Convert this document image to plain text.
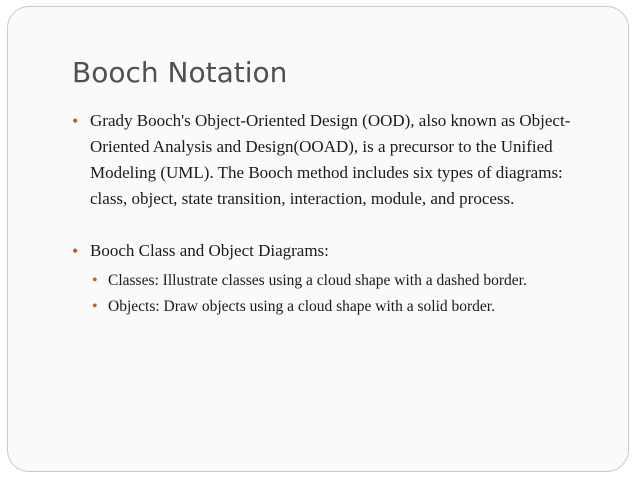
Booch Notation
• Grady Booch's Object-Oriented Design (OOD), also known as Object-Oriented Analysis and Design(OOAD), is a precursor to the Unified Modeling (UML). The Booch method includes six types of diagrams: class, object, state transition, interaction, module, and process.
• Booch Class and Object Diagrams:
• Classes: Illustrate classes using a cloud shape with a dashed border.
• Objects: Draw objects using a cloud shape with a solid border.
